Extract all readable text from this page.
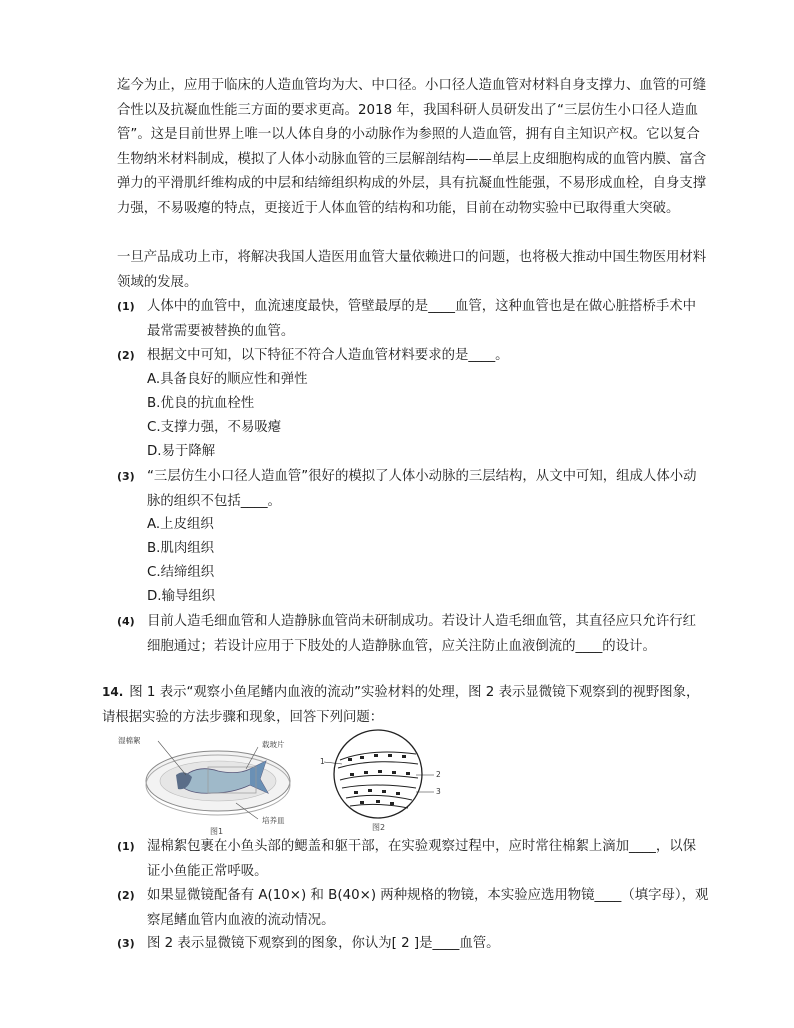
迄今为止，应用于临床的人造血管均为大、中口径。小口径人造血管对材料自身支撑力、血管的可缝合性以及抗凝血性能三方面的要求更高。2018 年，我国科研人员研发出了“三层仿生小口径人造血管”。这是目前世界上唯一以人体自身的小动脉作为参照的人造血管，拥有自主知识产权。它以复合生物纳米材料制成，模拟了人体小动脉血管的三层解剖结构——单层上皮细胞构成的血管内膜、富含弹力的平滑肌纤维构成的中层和结缔组织构成的外层，具有抗凝血性能强，不易形成血栓，自身支撑力强，不易吸瘪的特点，更接近于人体血管的结构和功能，目前在动物实验中已取得重大突破。

一旦产品成功上市，将解决我国人造医用血管大量依赖进口的问题，也将极大推动中国生物医用材料领域的发展。

(1) 人体中的血管中，血流速度最快，管壁最厚的是____血管，这种血管也是在做心脏搭桥手术中最常需要被替换的血管。
(2) 根据文中可知，以下特征不符合人造血管材料要求的是____。
A.具备良好的顺应性和弹性
B.优良的抗血栓性
C.支撑力强，不易吸瘪
D.易于降解
(3) “三层仿生小口径人造血管”很好的模拟了人体小动脉的三层结构，从文中可知，组成人体小动脉的组织不包括____。
A.上皮组织
B.肌肉组织
C.结缔组织
D.输导组织
(4) 目前人造毛细血管和人造静脉血管尚未研制成功。若设计人造毛细血管，其直径应只允许行红细胞通过；若设计应用于下肢处的人造静脉血管，应关注防止血液倒流的____的设计。
14. 图 1 表示“观察小鱼尾鳍内血液的流动”实验材料的处理，图 2 表示显微镜下观察到的视野图象，请根据实验的方法步骤和现象，回答下列问题：
湿棉絮	载玻片
培养皿
图1
1
2
3
图2
(1) 湿棉絮包裹在小鱼头部的鳃盖和躯干部，在实验观察过程中，应时常往棉絮上滴加____，以保证小鱼能正常呼吸。
(2) 如果显微镜配备有 A(10×) 和 B(40×) 两种规格的物镜，本实验应选用物镜____（填字母），观察尾鳍血管内血液的流动情况。
(3) 图 2 表示显微镜下观察到的图象，你认为[ 2 ]是____血管。
